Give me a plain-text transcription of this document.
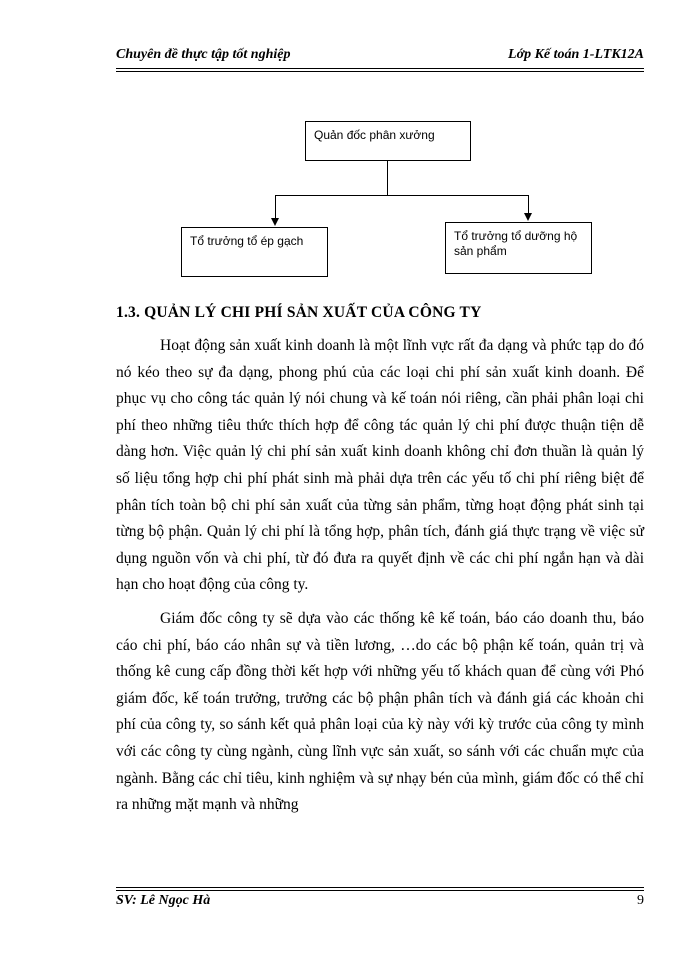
Chuyên đề thực tập tốt nghiệp	Lớp Kế toán 1-LTK12A
Quản đốc phân xưởng
Tổ trưởng tổ ép gạch	Tổ trưởng tổ dưỡng hộ sản phẩm
1.3. QUẢN LÝ CHI PHÍ SẢN XUẤT CỦA CÔNG TY

Hoạt động sản xuất kinh doanh là một lĩnh vực rất đa dạng và phức tạp do đó nó kéo theo sự đa dạng, phong phú của các loại chi phí sản xuất kinh doanh. Để phục vụ cho công tác quản lý nói chung và kế toán nói riêng, cần phải phân loại chi phí theo những tiêu thức thích hợp để công tác quản lý chi phí được thuận tiện dễ dàng hơn. Việc quản lý chi phí sản xuất kinh doanh không chỉ đơn thuần là quản lý số liệu tổng hợp chi phí phát sinh mà phải dựa trên các yếu tố chi phí riêng biệt để phân tích toàn bộ chi phí sản xuất của từng sản phẩm, từng hoạt động phát sinh tại từng bộ phận. Quản lý chi phí là tổng hợp, phân tích, đánh giá thực trạng về việc sử dụng nguồn vốn và chi phí, từ đó đưa ra quyết định về các chi phí ngắn hạn và dài hạn cho hoạt động của công ty.

Giám đốc công ty sẽ dựa vào các thống kê kế toán, báo cáo doanh thu, báo cáo chi phí, báo cáo nhân sự và tiền lương, …do các bộ phận kế toán, quản trị và thống kê cung cấp đồng thời kết hợp với những yếu tố khách quan để cùng với Phó giám đốc, kế toán trưởng, trưởng các bộ phận phân tích và đánh giá các khoản chi phí của công ty, so sánh kết quả phân loại của kỳ này với kỳ trước của công ty mình với các công ty cùng ngành, cùng lĩnh vực sản xuất, so sánh với các chuẩn mực của ngành. Bằng các chỉ tiêu, kinh nghiệm và sự nhạy bén của mình, giám đốc có thể chỉ ra những mặt mạnh và những

SV: Lê Ngọc Hà	9
